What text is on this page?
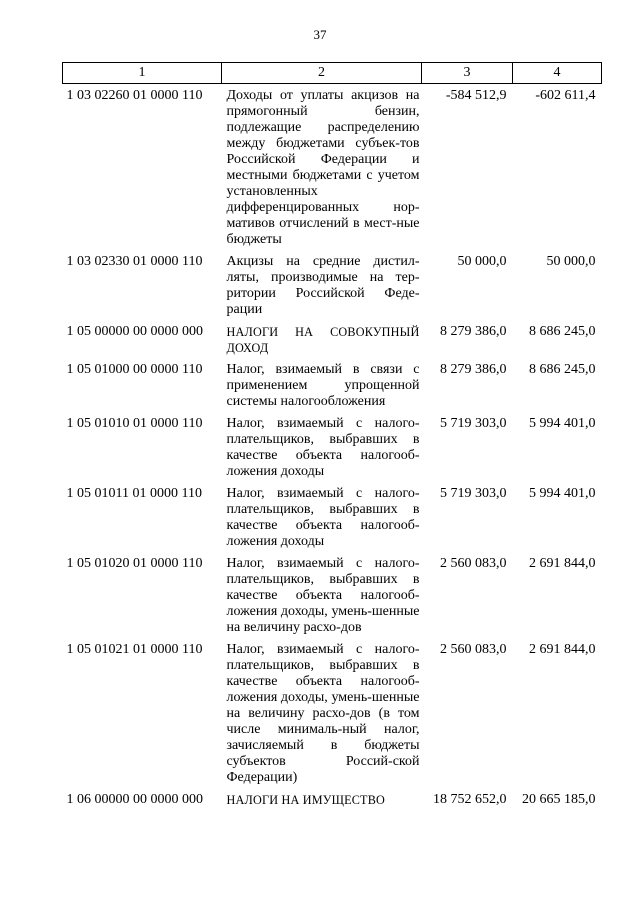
37
1	2	3	4
1 03 02260 01 0000 110	Доходы от уплаты акцизов на прямогонный бензин, подлежащие распределению между бюджетами субъек-тов Российской Федерации и местными бюджетами с учетом установленных дифференцированных нор-мативов отчислений в мест-ные бюджеты	-584 512,9	-602 611,4
1 03 02330 01 0000 110	Акцизы на средние дистил-ляты, производимые на тер-ритории Российской Феде-рации	50 000,0	50 000,0
1 05 00000 00 0000 000	НАЛОГИ НА СОВОКУПНЫЙ ДОХОД	8 279 386,0	8 686 245,0
1 05 01000 00 0000 110	Налог, взимаемый в связи с применением упрощенной системы налогообложения	8 279 386,0	8 686 245,0
1 05 01010 01 0000 110	Налог, взимаемый с налого-плательщиков, выбравших в качестве объекта налогооб-ложения доходы	5 719 303,0	5 994 401,0
1 05 01011 01 0000 110	Налог, взимаемый с налого-плательщиков, выбравших в качестве объекта налогооб-ложения доходы	5 719 303,0	5 994 401,0
1 05 01020 01 0000 110	Налог, взимаемый с налого-плательщиков, выбравших в качестве объекта налогооб-ложения доходы, умень-шенные на величину расхо-дов	2 560 083,0	2 691 844,0
1 05 01021 01 0000 110	Налог, взимаемый с налого-плательщиков, выбравших в качестве объекта налогооб-ложения доходы, умень-шенные на величину расхо-дов (в том числе минималь-ный налог, зачисляемый в бюджеты субъектов Россий-ской Федерации)	2 560 083,0	2 691 844,0
1 06 00000 00 0000 000	НАЛОГИ НА ИМУЩЕСТВО	18 752 652,0	20 665 185,0
